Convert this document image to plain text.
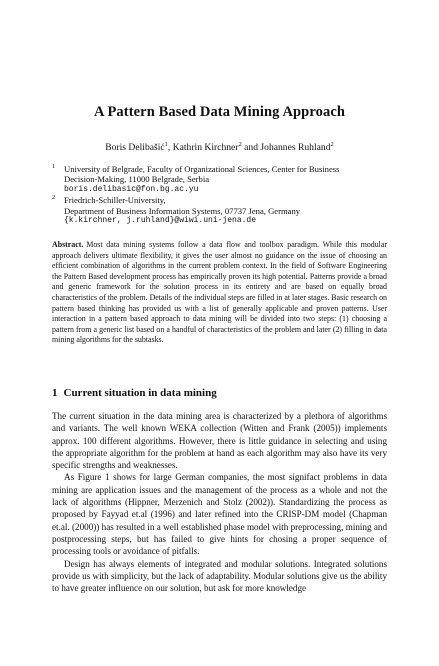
A Pattern Based Data Mining Approach
Boris Delibašić$^1$, Kathrin Kirchner$^2$ and Johannes Ruhland$^2$
1 University of Belgrade, Faculty of Organizational Sciences, Center for Business
Decision-Making, 11000 Belgrade, Serbia
boris.delibasic@fon.bg.ac.yu
2 Friedrich-Schiller-University,
Department of Business Information Systems, 07737 Jena, Germany
{k.kirchner, j.ruhland}@wiwi.uni-jena.de
Abstract. Most data mining systems follow a data flow and toolbox paradigm. While this modular approach delivers ultimate flexibility, it gives the user almost no guidance on the issue of choosing an efficient combination of algorithms in the current problem context. In the field of Software Engineering the Pattern Based development process has empirically proven its high potential. Patterns provide a broad and generic framework for the solution process in its entirety and are based on equally broad characteristics of the problem. Details of the individual steps are filled in at later stages. Basic research on pattern based thinking has provided us with a list of generally applicable and proven patterns. User interaction in a pattern based approach to data mining will be divided into two steps: (1) choosing a pattern from a generic list based on a handful of characteristics of the problem and later (2) filling in data mining algorithms for the subtasks.
1 Current situation in data mining

The current situation in the data mining area is characterized by a plethora of algorithms and variants. The well known WEKA collection (Witten and Frank (2005)) implements approx. 100 different algorithms. However, there is little guidance in selecting and using the appropriate algorithm for the problem at hand as each algorithm may also have its very specific strengths and weaknesses.

As Figure 1 shows for large German companies, the most signifact problems in data mining are application issues and the management of the process as a whole and not the lack of algorithms (Hippner, Merzenich and Stolz (2002)). Standardizing the process as proposed by Fayyad et.al (1996) and later refined into the CRISP-DM model (Chapman et.al. (2000)) has resulted in a well established phase model with preprocessing, mining and postprocessing steps, but has failed to give hints for chosing a proper sequence of processing tools or avoidance of pitfalls.

Design has always elements of integrated and modular solutions. Integrated solutions provide us with simplicity, but the lack of adaptability. Modular solutions give us the ability to have greater influence on our solution, but ask for more knowledge
